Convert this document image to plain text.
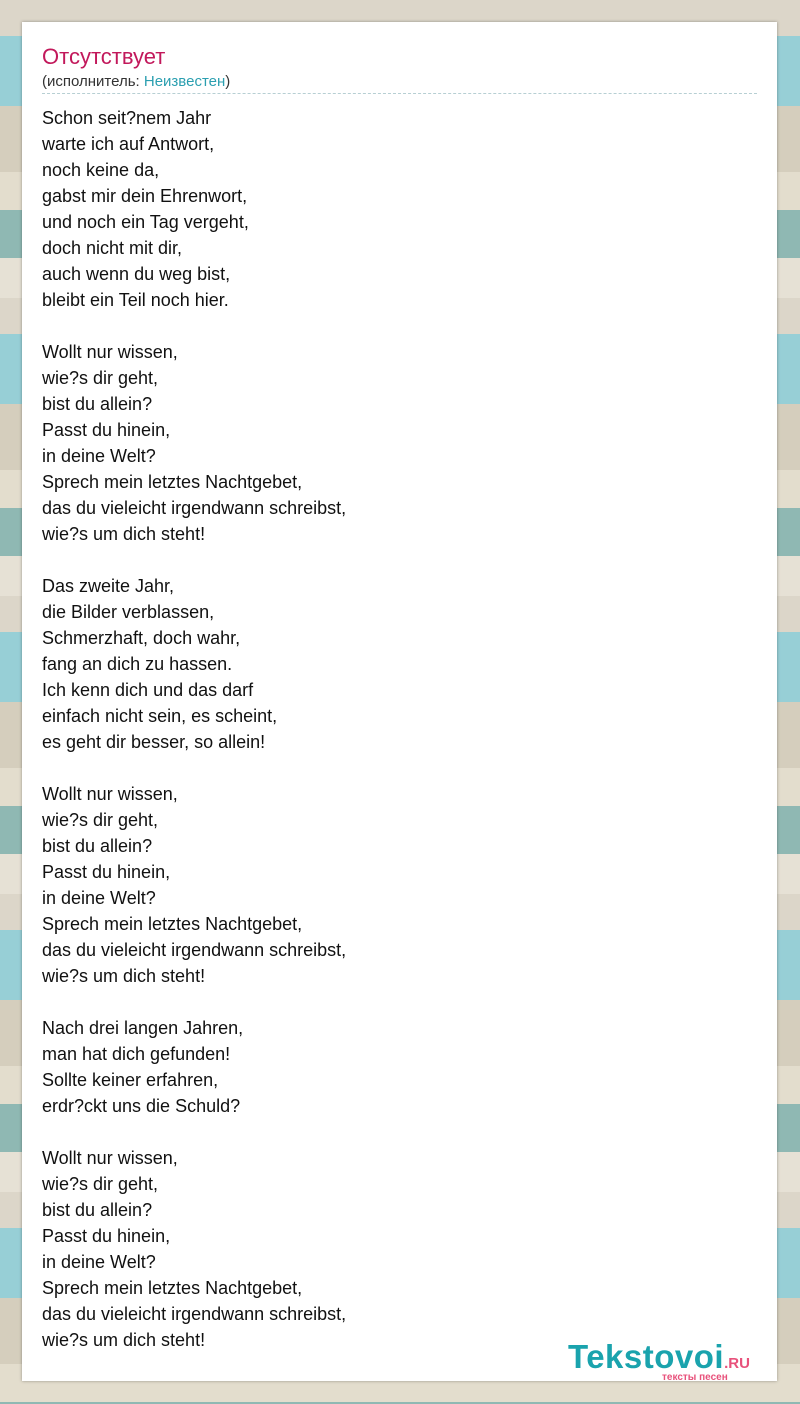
Отсутствует
(исполнитель: Неизвестен)
Schon seit?nem Jahr
warte ich auf Antwort,
noch keine da,
gabst mir dein Ehrenwort,
und noch ein Tag vergeht,
doch nicht mit dir,
auch wenn du weg bist,
bleibt ein Teil noch hier.
Wollt nur wissen,
wie?s dir geht,
bist du allein?
Passt du hinein,
in deine Welt?
Sprech mein letztes Nachtgebet,
das du vieleicht irgendwann schreibst,
wie?s um dich steht!
Das zweite Jahr,
die Bilder verblassen,
Schmerzhaft, doch wahr,
fang an dich zu hassen.
Ich kenn dich und das darf
einfach nicht sein, es scheint,
es geht dir besser, so allein!
Wollt nur wissen,
wie?s dir geht,
bist du allein?
Passt du hinein,
in deine Welt?
Sprech mein letztes Nachtgebet,
das du vieleicht irgendwann schreibst,
wie?s um dich steht!
Nach drei langen Jahren,
man hat dich gefunden!
Sollte keiner erfahren,
erdr?ckt uns die Schuld?
Wollt nur wissen,
wie?s dir geht,
bist du allein?
Passt du hinein,
in deine Welt?
Sprech mein letztes Nachtgebet,
das du vieleicht irgendwann schreibst,
wie?s um dich steht!	Tekstovoi.RU
тексты песен
